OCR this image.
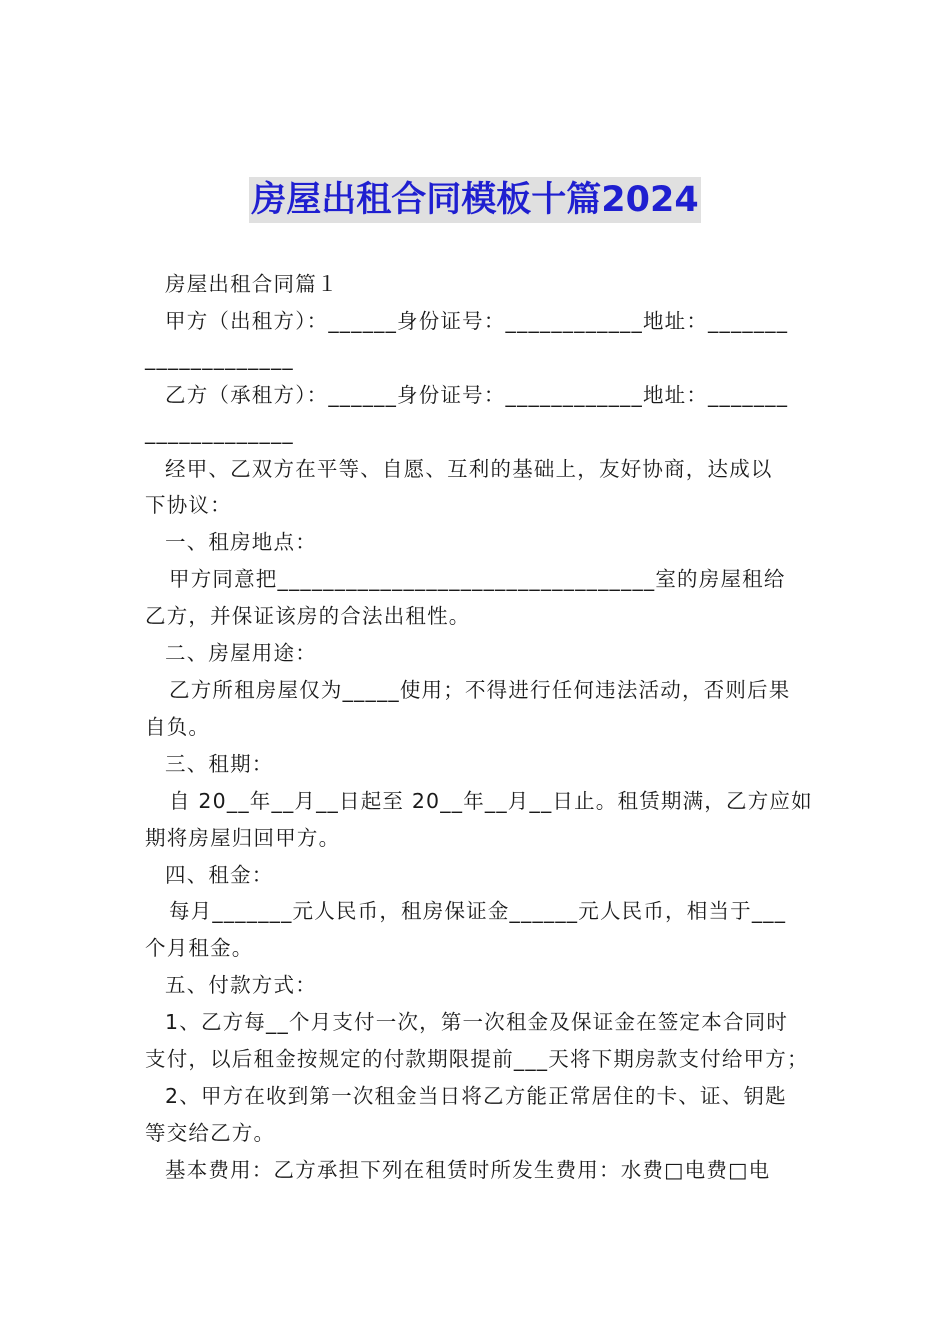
房屋出租合同模板十篇2024
房屋出租合同篇１
甲方（出租方）：______身份证号：____________地址：_______
_____________
乙方（承租方）：______身份证号：____________地址：_______
_____________
经甲、乙双方在平等、自愿、互利的基础上，友好协商，达成以
下协议：
一、租房地点：
甲方同意把_________________________________室的房屋租给
乙方，并保证该房的合法出租性。
二、房屋用途：
乙方所租房屋仅为_____使用；不得进行任何违法活动，否则后果
自负。
三、租期：
自 20__年__月__日起至 20__年__月__日止。租赁期满，乙方应如
期将房屋归回甲方。
四、租金：
每月_______元人民币，租房保证金______元人民币，相当于___
个月租金。
五、付款方式：
1、乙方每__个月支付一次，第一次租金及保证金在签定本合同时
支付，以后租金按规定的付款期限提前___天将下期房款支付给甲方；
2、甲方在收到第一次租金当日将乙方能正常居住的卡、证、钥匙
等交给乙方。
基本费用：乙方承担下列在租赁时所发生费用：水费□电费□电
